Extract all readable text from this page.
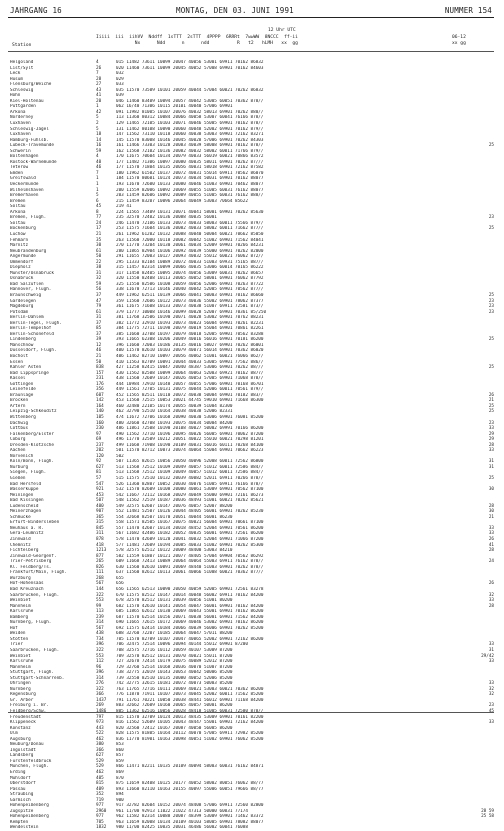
JAHRGANG 16	MONTAG, DEN 03. JUNI 1991	NUMMER 154
12 Uhr UTC
Iiiii  iii  iihVV  Nddff  1sTTT  2sTTT  4PPPP  6RRRt  7wwWW  8NCCC  ff-ii
Nx      Ndd      n      ndd          R   t2   hLMH   xx  gg
06-12
xx gg
Station
Helgoland	4	015 11482 73611 10099 20047 40056 53001 69911 70162 86832
List/Sylt	26	020 11460 73611 10099 20045 40052 57008 69901 70162 84603
Leck	7	032
Husum	28	029
Flensburg/Weiche	27	033
Schleswig	43	035 11570 73509 10101 20059 40044 57004 60021 70262 86832
Hohn	41	039
Kiel-Holtenau	20	046 11460 83409 10094 20057 40042 53005 60051 70362 878//
Puttgarden	1	062 16/40 71306 10115 20101 40040 57006 69901
Arkona	42	091 11982 81005 10107 20076 40032 58013 69901 70262 880//
Norderney	5	113 11360 80312 10084 20066 40058 53007 60041 76166 878//
Cuxhaven	2	129 11465 72105 10103 20071 40046 55005 69901 70162 878//
Schleswig-Jagel	5	131 11462 80108 10090 20060 40048 52002 69901 70162 879//
Cuxhaven	18	147 11562 73110 10118 20060 40038 53003 69901 72162 83271
Hamburg-Fuhlsb.	14	145 11570 83008 10146 20045 40028 57006 69901 70262 84303
Lübeck-Travemünde	16	161 11466 73303 10128 20083 40039 58008 69901 70162 878//	25
Schwerin	59	162 11568 72102 10136 20082 40032 58002 60011 71766 879//
Boltenhagen	4	170 11675 70604 10134 20079 40033 56019 60021 70866 83572
Rostock-Warnemünde	40	177 11482 71306 10097 20080 40035 58011 69901 70262 87///
Teterow	46	177 11570 71804 10135 20056 40031 58018 69901 72162 87582
Emden	7	180 11962 61502 10137 20072 40031 55014 69911 70562 86070
Greifswald	1	184 11570 80601 10124 20073 40034 50031 69901 70162 88077
Ueckermünde	1	193 11670 72600 10133 20080 40046 51003 69901 70462 88077
Wilhelmshaven	1	200 11559 82006 10092 20069 40055 51005 60031 76162 88077
Bremerhaven	5	203 11459 82606 10092 20089 40055 51005 60031 76162 888//
Bremen	6	215 11459 83207 10096 20064 40049 53003 70664 85622
Soltau	45	219 41
Arkona	8	224 11565 73409 10131 20071 40041 58001 69901 70262 85630
Bremen, Flugh.	77	235 32570 72402 10136 20088 40035 56001	23
Soltau	24	246 11470 72106 10133 20073 40033 58003 60011 75566 879//
Bockenburg	17	253 11575 71604 10136 20082 40033 58002 60011 71662 877//	25
Lüchow	21	261 11962 61202 10132 20088 40040 50004 60021 70662 85050
Fehmarn	35	263 11560 72000 10118 20082 40042 51002 69901 71562 84041
Marnitz	30	270 11770 73204 10130 20061 40034 52009 69901 70266 84231
Neubrandenburg	61	280 11865 82904 10106 20092 40039 55000 69901 70262 82000
Angermünde	50	291 11655 72003 10127 20093 40032 55012 60021 76062 872//
Ummendorf	22	295 11333 82104 10089 20072 40033 51003 69931 75165 887//
Diepholz	38	315 11457 82314 10099 20066 40035 53006 60014 70165 86222
Münster/Osnabrück	31	317 11458 82405 10095 20074 40056 53009 60031 70262 86657
Osnabrück	32	320 11550 82408 10113 20065 40052 58001 69901 76062 87792
Bad Salzuflen	59	325 11550 82506 10108 20059 40056 52006 69901 70263 87722
Hannover, Flugh.	56	338 11670 72713 10146 20040 40042 52005 69901 70562 877//
Braunschweig	37	449 11962 62511 10139 20066 40041 50003 69901 70162 86660	25
Gardelegen	47	359 11560 72606 10122 20073 40036 55002 69901 78062 87377	23
Magdeburg	79	361 11675 71608 10133 20073 40038 51007 69911 72581 873//	23
Potsdam	61	379 11777 10008 10146 20099 40028 52007 69901 70361 85/250	23
Berlin-Dahlem	31	381 11768 32506 10190 20071 40028 53002 69901 70762 88231
Berlin-Tegel, Flugh.	37	382 11772 32910 10193 20073 40023 56004 69901 70261 82231
Berlin-Tempelhof	85	384 11775 72711 10198 20079 40019 55004 69901 70861 82261
Berlin-Schönefeld	37	385 11660 32708 10197 20079 40018 52005 69901 70562 83288
Lindenberg	39	393 11665 62308 10206 20049 40016 56016 69901 70181 86200	25
Manschnow	12	396 11660 72003 10186 20135 40016 58027 69901 70262 86001
Düsseldorf, Flugh.	46	400 11570 82610 10103 20079 40071 56014 69901 70362 86020
Bocholt	21	406 11462 82710 10097 20056 40062 51001 60021 76066 862//
Essen	50	410 11563 82709 10091 20044 40033 53005 69901 77562 886//
Kahler Asten	838	427 11258 82415 10047 20040 48387 53006 69901 70262 88///	25
Bad Lippspringe	157	430 11562 82508 10099 20064 40063 52003 69921 70162 8877/
Kassel	231	438 11560 72609 10147 20026 40053 57005 69901 71068 878//
Göttingen	176	444 10984 72910 10148 20057 40055 57006 69901 70168 86701
Leinefelde	356	449 11561 72705 10131 20075 40044 52006 60011 70561 879//
Braunlage	607	452 11565 82511 10110 20072 40038 50004 69901 70182 883//	26
Brocken	142	453 11560 72515 10053 20021 44745 59010 69901 71668 86300	21
Artern	164	460 32480 22105 10174 20055 40039 51004 82300	25
Leipzig-Schkeuditz	140	462 32790 52510 10164 20038 40038 52006 82331	25
Wittenberg	105	474 11672 72706 10168 20090 40030 53006 69901 76081 85200
Dachwig	160	480 32660 42708 10193 20075 40034 50004 84200	23
Cottbus	230	486 11861 72508 10190 20108 40027 50002 69991 70166 86200	33
Falkenberg/Elster	97	490 11562 72710 10196 20095 40026 56005 69901 70062 87200	29
Coburg	69	496 11770 32509 10212 20051 40022 55010 60021 70298 81201	29
Dresden-Klotzsche	237	499 11668 71908 10190 20109 40031 56016 60111 70268 84100	28
Aachen	202	501 11570 82712 10073 20074 40064 55004 69901 70662 86223	33
Nörvenich	120	502
Köln/Bonn, Flugh.	92	507 11365 82615 10056 20050 40096 52008 60011 72562 86800	31
Nürburg	627	513 11568 72512 10109 20049 40057 51012 60011 72586 884//	31
Siegen, Flugh.	81	513 11568 72512 10109 20049 40057 51012 60011 72586 884//
Gießen	57	515 11575 72510 10132 20039 40082 52011 69911 70266 878//	25
Bad Hersfeld	547	526 11360 82807 10052 20030 40076 51005 69911 76166 878//
Wasserkuppe	921	532 11570 82609 10108 20080 40061 53009 69901 70562 87100	30
Meiningen	453	542 11667 72112 10168 20029 40049 55000 69901 72161 86273
Bad Kissingen	507	548 11562 72519 10187 20036 48493 51001 60021 70262 85621
Lüdenscheid	400	549 32575 62607 10147 20076 40057 52007 88200	28
Meinerzhagen	907	552 11481 52507 10126 20044 48405 56001 69901 70262 85230	30
Schmücke	365	554 32668 82507 10170 20051 40044 56001 86230	21
Erfurt-Bindersleben	315	558 11571 82505 10167 20075 40021 56004 69901 70661 87100
Neuhaus a. R.	845	557 11470 42607 10134 20018 48452 52004 69901 70561 86200	33
Gera-Leumnitz	311	567 11682 42406 10182 20052 40035 56001 69901 72561 86200	33
Zinnwald	878	578 11470 42609 10120 20041 40032 52004 69901 71066 87200	26
Chemnitz	418	577 11481 72609 10194 20085 40033 51002 69901 70262 85300	41
Fichtelberg	1213	578 32575 62512 10122 20009 48400 53003 84210	28
Zinnwald-Georgenf.	877	582 11559 61807 10121 20077 48405 57004 69904 70562 86292
Trier-Petrisberg	265	609 11668 72413 10089 20064 40064 55003 69911 76162 878//	24
Kl. Feldberg/Ts.	826	630 11560 82610 10091 20069 48440 51003 69901 70262 878//
Frankfurt/Main, Flugh.	111	637 11560 82612 10113 20061 40066 51008 60021 70362 877//
Würzburg	268	655
Hof-Hohensaas	567	656	26
Bad Kreuznach	144	656 11565 62513 10090 20050 40059 52005 69901 72561 83278
Saarbrücken, Flugh.	322	670 11575 82512 10147 20014 40048 56002 69911 70162 84200	32
Weinbiet	553	678 32570 82512 10131 20039 40056 51001 80200	33
Mannheim	99	682 11570 42610 10141 20054 40047 56001 69901 70162 84200	28
Karlsruhe	113	685 11865 62612 10130 20069 40043 55001 69901 70162 86200
Bamberg	239	687 11570 62514 10156 20071 40038 56001 69901 71562 84200
Nürnberg, Flugh.	314	690 11665 72615 10172 20069 40046 53002 69901 70162 86200
Hof	567	692 11575 62414 10184 20066 40039 56006 69901 70262 85200
Weiden	438	688 32760 72207 10185 20064 40047 57011 88200
Stötten	734	705 11570 82709 10107 20047 40065 52002 69901 72162 86200
Trier	396	706 32475 72514 10096 20094 40144 55012 69901 87200	33
Saarbrücken, Flugh.	322	708 32575 72716 10112 20059 40107 53009 87200	31
Weinbiet	553	709 32570 82512 10131 20070 40021 55011 87200	29/42
Karlsruhe	112	727 32678 72414 10179 20075 40089 52012 87200	33
Mannheim	96	729 32760 52514 10168 20036 40070 51007 87200
Stuttgart, Flugh.	396	738 32775 32019 10143 20053 40042 50006 85200
Stuttgart-Schnarrenb.	314	739 32550 82510 10135 20080 40052 52006 85200
Öhringen	276	742 32775 32615 10181 20072 40073 50003 85200	33
Nürnberg	322	763 11765 72716 10111 20069 40021 53003 60021 70362 86200	32
Regensburg	366	776 11870 71911 10107 20073 40045 52002 60011 71562 85200	32
Gr. Arber	1437	791 11761 70221 10050 20038 48441 56012 69901 71168 84200
Freiburg i. Br.	269	803 32662 72609 10160 20065 40057 50001 86200	23
Freudenstadt	797	815 11570 32709 10124 20013 48435 53009 69901 70161 82200
Klippeneck	973	816 11562 52609 10105 20043 48447 55001 69901 72162 84200	33
Konstanz	443	820 32560 72412 10167 20087 40050 56005 86200
Ulm	522	828 11575 81805 10164 20112 40070 57005 69911 72982 85200
Augsburg	462	836 11770 81901 10163 20098 40051 51002 69901 76062 85200
Neuburg/Donau	380	853
Ingolstadt	366	860
Landsberg	627	857
Fürstenfeldbruck	529	859
München, Flugh.	529	866 11471 82211 10135 20109 40094 58003 60031 76162 84871
Erding	462	869
Mühldorf	405	870
Oberstdorf	815	875 11659 82408 10125 20177 40052 58002 80051 76062 88/77
Passau	409	893 11660 82110 10163 20155 40097 55006 60051 79666 88/77
Straubing	352	894
Garmisch	719	900
Hohenpeißenberg	977	917 32782 82604 10152 20074 48408 57006 69911 72560 82800
Zugspitze	2960	961 11/00 92913 11022 21022 47313 50000 60031 77174	28 59
Hohenpeißenberg	977	962 11582 82314 10088 20087 48399 53009 69901 71462 83372	25 58
Kempten	705	963 11659 82008 10134 20109 40103 58005 69901 78082 88077
Wendelstein	1832	980 11/00 82425 10035 20031 46486 56002 60041 76088
